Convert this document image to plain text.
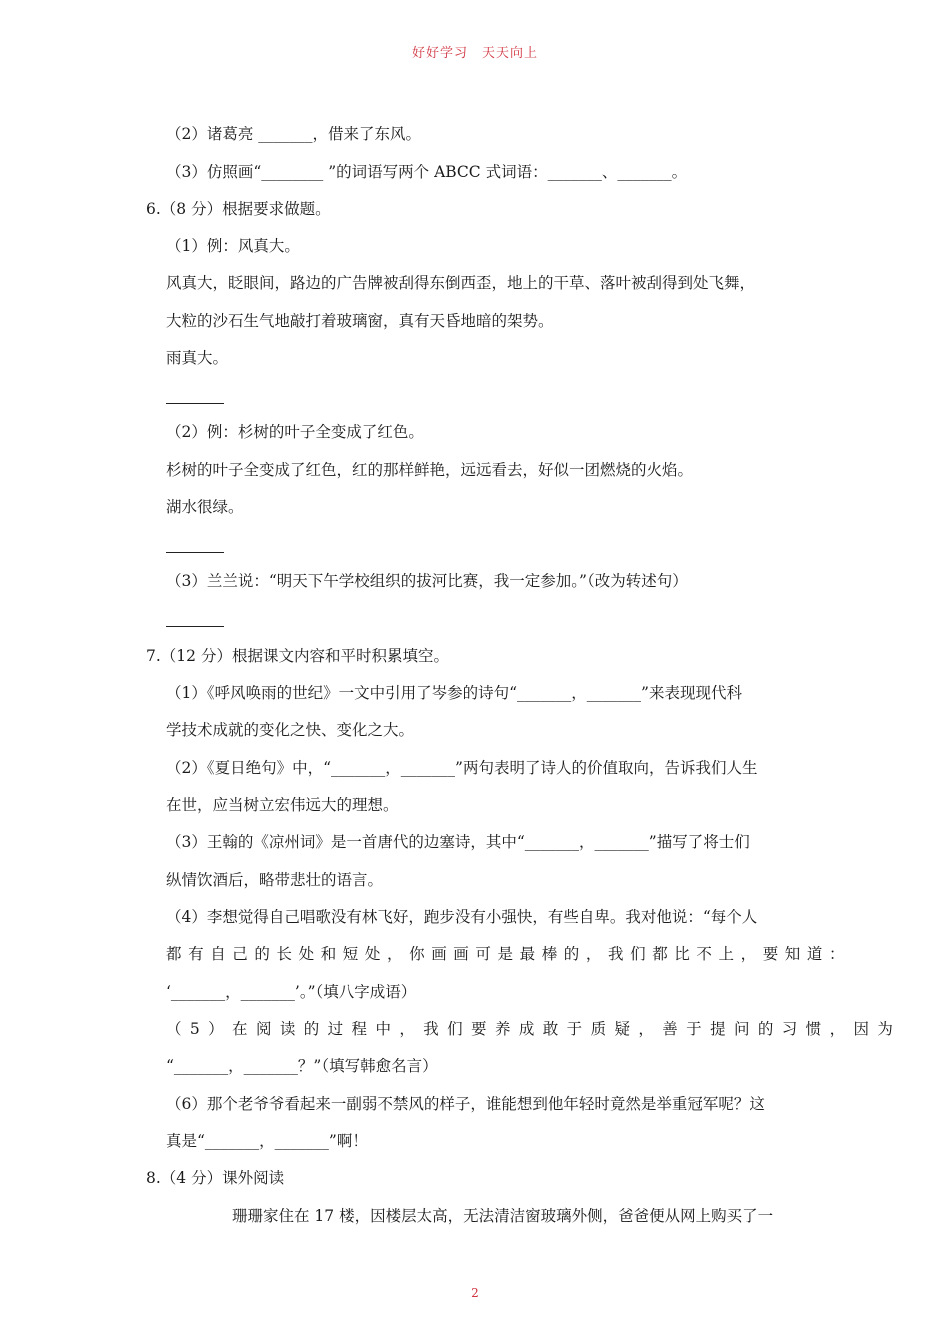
好好学习　天天向上
（2）诸葛亮 _______，借来了东风。
（3）仿照画“________ ”的词语写两个 ABCC 式词语：_______、_______。
6.（8 分）根据要求做题。
（1）例：风真大。
风真大，眨眼间，路边的广告牌被刮得东倒西歪，地上的干草、落叶被刮得到处飞舞，
大粒的沙石生气地敲打着玻璃窗，真有天昏地暗的架势。
雨真大。
（2）例：杉树的叶子全变成了红色。
杉树的叶子全变成了红色，红的那样鲜艳，远远看去，好似一团燃烧的火焰。
湖水很绿。
（3）兰兰说：“明天下午学校组织的拔河比赛，我一定参加。”（改为转述句）
7.（12 分）根据课文内容和平时积累填空。
（1）《呼风唤雨的世纪》一文中引用了岑参的诗句“_______，_______”来表现现代科
学技术成就的变化之快、变化之大。
（2）《夏日绝句》中，“_______，_______”两句表明了诗人的价值取向，告诉我们人生
在世，应当树立宏伟远大的理想。
（3）王翰的《凉州词》是一首唐代的边塞诗，其中“_______，_______”描写了将士们
纵情饮酒后，略带悲壮的语言。
（4）李想觉得自己唱歌没有林飞好，跑步没有小强快，有些自卑。我对他说：“每个人
都有自己的长处和短处，你画画可是最棒的，我们都比不上，要知道：
‘_______，_______’。”（填八字成语）
（5）在阅读的过程中，我们要养成敢于质疑，善于提问的习惯，因为
“_______，_______？”（填写韩愈名言）
（6）那个老爷爷看起来一副弱不禁风的样子，谁能想到他年轻时竟然是举重冠军呢？这
真是“_______，_______”啊！
8.（4 分）课外阅读
珊珊家住在 17 楼，因楼层太高，无法清洁窗玻璃外侧，爸爸便从网上购买了一
2
